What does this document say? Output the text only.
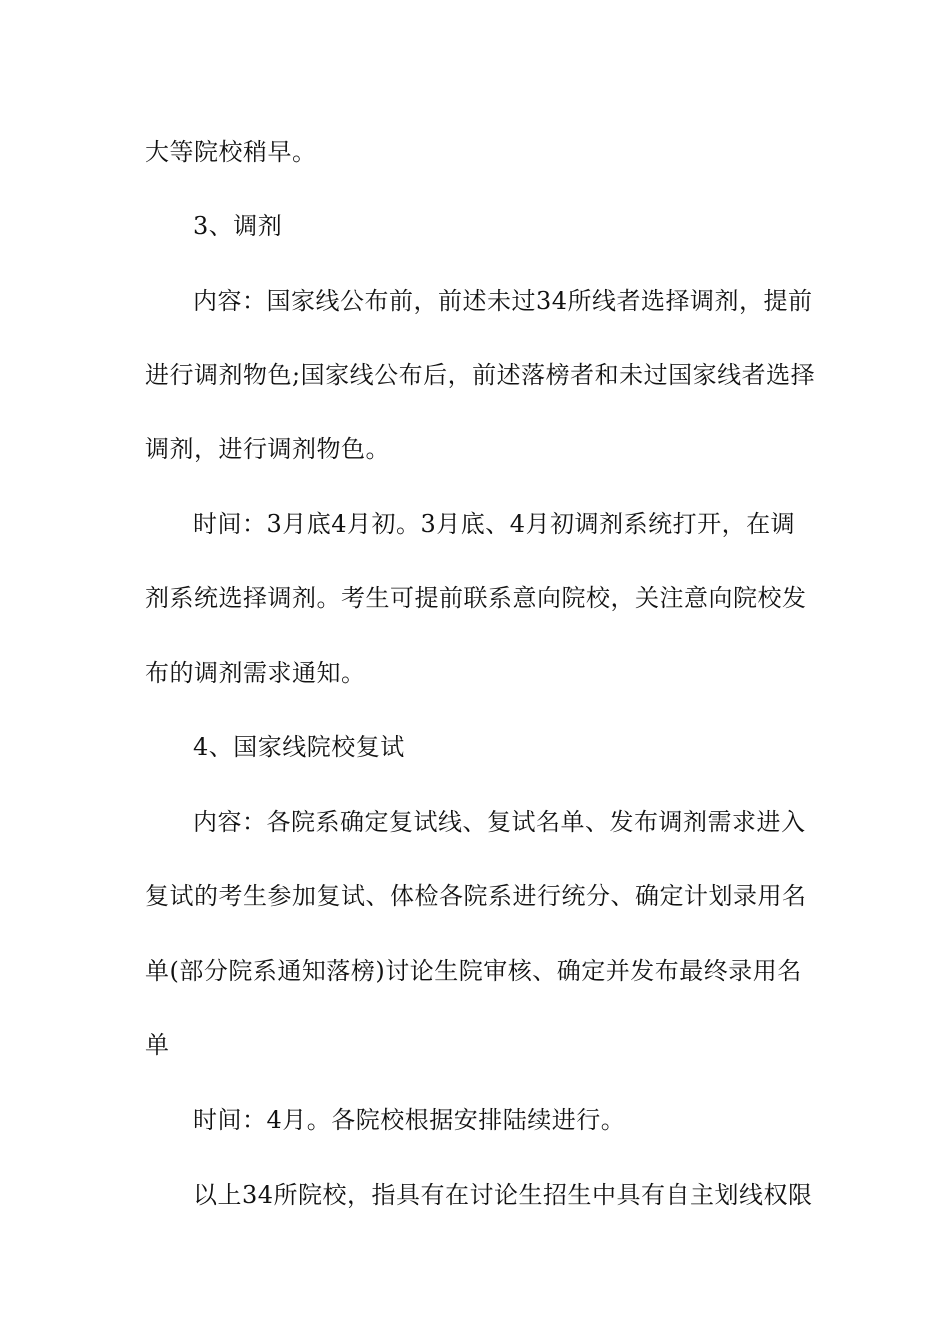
大等院校稍早。
3、调剂
内容：国家线公布前，前述未过34所线者选择调剂，提前
进行调剂物色;国家线公布后，前述落榜者和未过国家线者选择
调剂，进行调剂物色。
时间：3月底4月初。3月底、4月初调剂系统打开，在调
剂系统选择调剂。考生可提前联系意向院校，关注意向院校发
布的调剂需求通知。
4、国家线院校复试
内容：各院系确定复试线、复试名单、发布调剂需求进入
复试的考生参加复试、体检各院系进行统分、确定计划录用名
单(部分院系通知落榜)讨论生院审核、确定并发布最终录用名
单
时间：4月。各院校根据安排陆续进行。
以上34所院校，指具有在讨论生招生中具有自主划线权限
